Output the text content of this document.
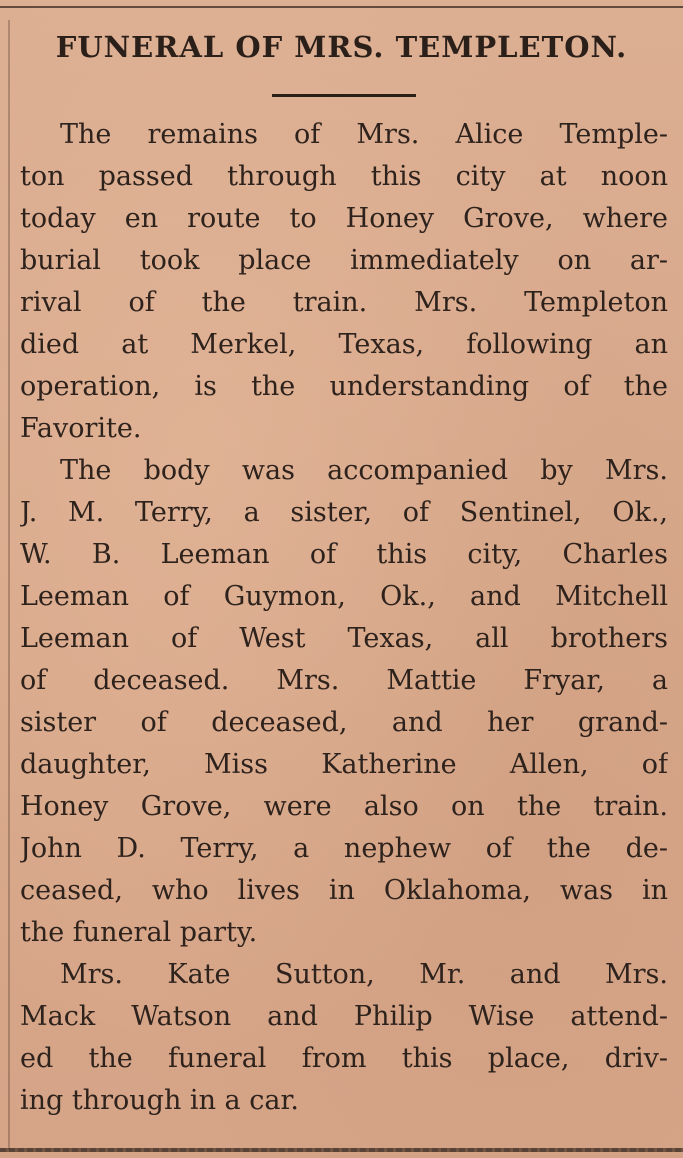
FUNERAL OF MRS. TEMPLETON.
The remains of Mrs. Alice Temple-
ton passed through this city at noon
today en route to Honey Grove, where
burial took place immediately on ar-
rival of the train. Mrs. Templeton
died at Merkel, Texas, following an
operation, is the understanding of the
Favorite.
The body was accompanied by Mrs.
J. M. Terry, a sister, of Sentinel, Ok.,
W. B. Leeman of this city, Charles
Leeman of Guymon, Ok., and Mitchell
Leeman of West Texas, all brothers
of deceased. Mrs. Mattie Fryar, a
sister of deceased, and her grand-
daughter, Miss Katherine Allen, of
Honey Grove, were also on the train.
John D. Terry, a nephew of the de-
ceased, who lives in Oklahoma, was in
the funeral party.
Mrs. Kate Sutton, Mr. and Mrs.
Mack Watson and Philip Wise attend-
ed the funeral from this place, driv-
ing through in a car.
